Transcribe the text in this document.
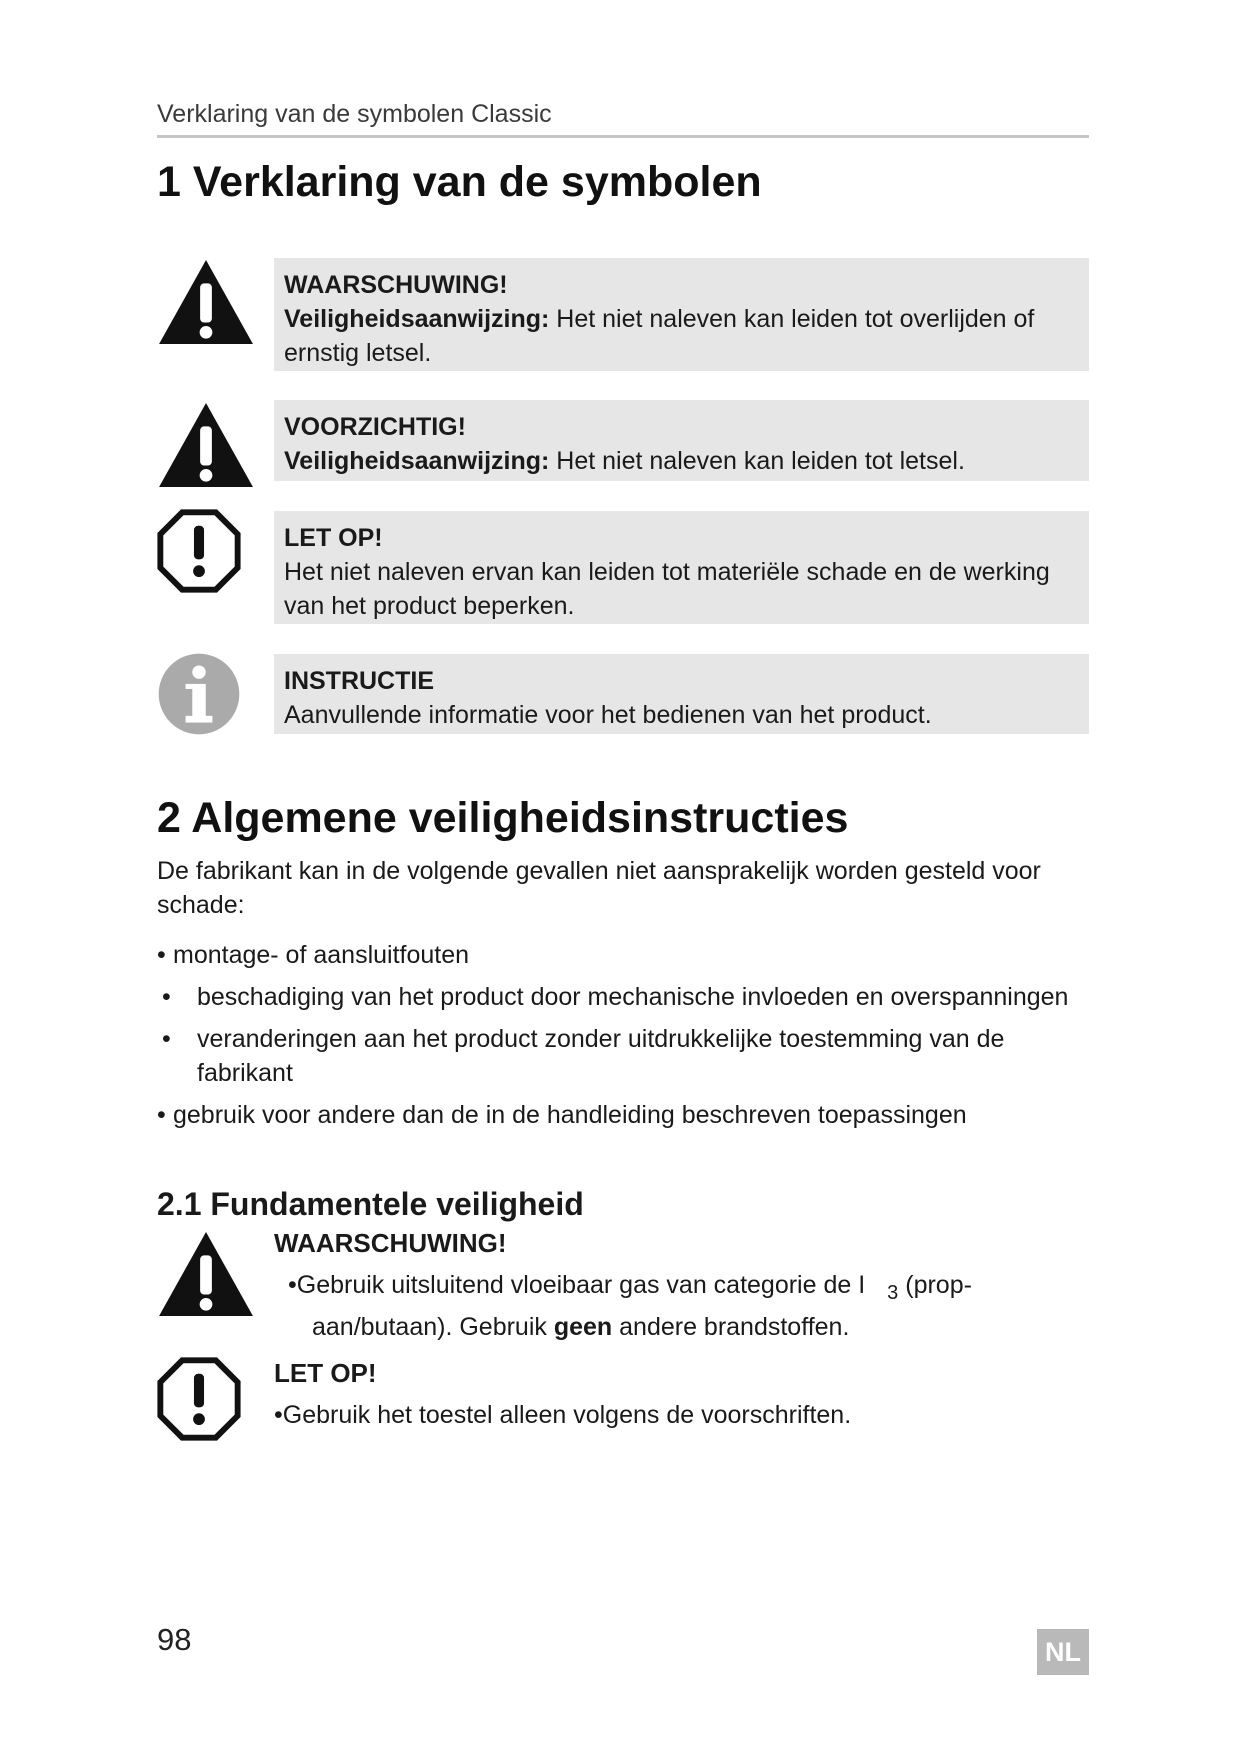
Verklaring van de symbolen Classic
1 Verklaring van de symbolen
WAARSCHUWING!
Veiligheidsaanwijzing: Het niet naleven kan leiden tot overlijden of ernstig letsel.
VOORZICHTIG!
Veiligheidsaanwijzing: Het niet naleven kan leiden tot letsel.
LET OP!
Het niet naleven ervan kan leiden tot materiële schade en de werking van het product beperken.
INSTRUCTIE
Aanvullende informatie voor het bedienen van het product.
2 Algemene veiligheidsinstructies

De fabrikant kan in de volgende gevallen niet aansprakelijk worden gesteld voor schade:

• montage- of aansluitfouten
• beschadiging van het product door mechanische invloeden en overspanningen
• veranderingen aan het product zonder uitdrukkelijke toestemming van de fabrikant
• gebruik voor andere dan de in de handleiding beschreven toepassingen
2.1 Fundamentele veiligheid
WAARSCHUWING!
•Gebruik uitsluitend vloeibaar gas van categorie de I $_3$ (prop-aan/butaan). Gebruik geen andere brandstoffen.
LET OP!
•Gebruik het toestel alleen volgens de voorschriften.
98	NL
